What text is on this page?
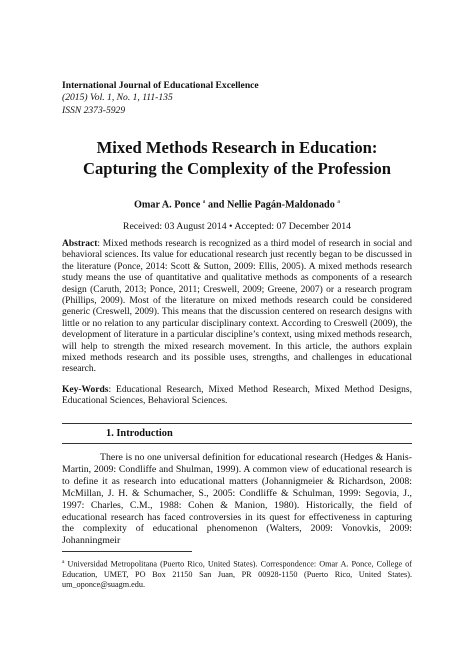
International Journal of Educational Excellence
(2015) Vol. 1, No. 1, 111-135
ISSN 2373-5929
Mixed Methods Research in Education:
Capturing the Complexity of the Profession
Omar A. Ponce $^a$ and Nellie Pagán-Maldonado $^a$
Received: 03 August 2014 • Accepted: 07 December 2014
Abstract: Mixed methods research is recognized as a third model of research in social and behavioral sciences. Its value for educational research just recently began to be discussed in the literature (Ponce, 2014: Scott & Sutton, 2009: Ellis, 2005). A mixed methods research study means the use of quantitative and qualitative methods as components of a research design (Caruth, 2013; Ponce, 2011; Creswell, 2009; Greene, 2007) or a research program (Phillips, 2009). Most of the literature on mixed methods research could be considered generic (Creswell, 2009). This means that the discussion centered on research designs with little or no relation to any particular disciplinary context. According to Creswell (2009), the development of literature in a particular discipline’s context, using mixed methods research, will help to strength the mixed research movement. In this article, the authors explain mixed methods research and its possible uses, strengths, and challenges in educational research.
Key-Words: Educational Research, Mixed Method Research, Mixed Method Designs, Educational Sciences, Behavioral Sciences.
1. Introduction
There is no one universal definition for educational research (Hedges & Hanis-Martin, 2009: Condliffe and Shulman, 1999). A common view of educational research is to define it as research into educational matters (Johannigmeier & Richardson, 2008: McMillan, J. H. & Schumacher, S., 2005: Condliffe & Schulman, 1999: Segovia, J., 1997: Charles, C.M., 1988: Cohen & Manion, 1980). Historically, the field of educational research has faced controversies in its quest for effectiveness in capturing the complexity of educational phenomenon (Walters, 2009: Vonovkis, 2009: Johanningmeir
$^a$ Universidad Metropolitana (Puerto Rico, United States). Correspondence: Omar A. Ponce, College of Education, UMET, PO Box 21150 San Juan, PR 00928-1150 (Puerto Rico, United States). um_oponce@suagm.edu.
